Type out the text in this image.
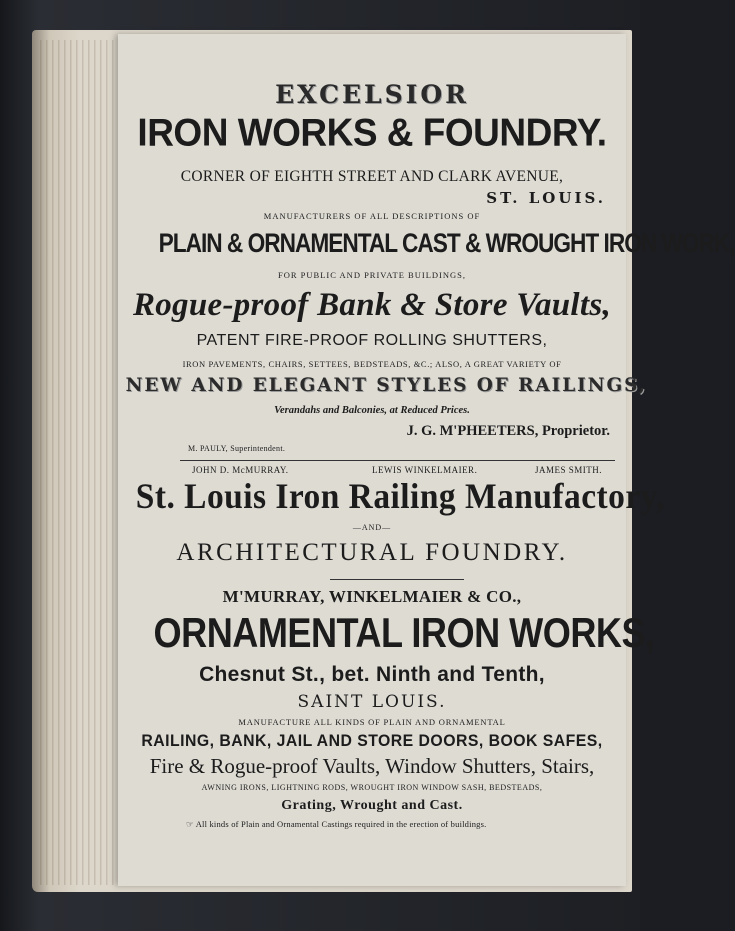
EXCELSIOR
IRON WORKS & FOUNDRY.
CORNER OF EIGHTH STREET AND CLARK AVENUE,
ST. LOUIS.
MANUFACTURERS OF ALL DESCRIPTIONS OF
PLAIN & ORNAMENTAL CAST & WROUGHT IRON WORK,
FOR PUBLIC AND PRIVATE BUILDINGS,
Rogue-proof Bank & Store Vaults,
PATENT FIRE-PROOF ROLLING SHUTTERS,
IRON PAVEMENTS, CHAIRS, SETTEES, BEDSTEADS, &C.; ALSO, A GREAT VARIETY OF
NEW AND ELEGANT STYLES OF RAILINGS,
Verandahs and Balconies, at Reduced Prices.
J. G. M'PHEETERS, Proprietor.
M. PAULY, Superintendent.
JOHN D. McMURRAY.	LEWIS WINKELMAIER.	JAMES SMITH.
St. Louis Iron Railing Manufactory,
—AND—
ARCHITECTURAL FOUNDRY.
M'MURRAY, WINKELMAIER & CO.,
ORNAMENTAL IRON WORKS,
Chesnut St., bet. Ninth and Tenth,
SAINT LOUIS.
MANUFACTURE ALL KINDS OF PLAIN AND ORNAMENTAL
RAILING, BANK, JAIL AND STORE DOORS, BOOK SAFES,
Fire & Rogue-proof Vaults, Window Shutters, Stairs,
AWNING IRONS, LIGHTNING RODS, WROUGHT IRON WINDOW SASH, BEDSTEADS,
Grating, Wrought and Cast.
☞ All kinds of Plain and Ornamental Castings required in the erection of buildings.
